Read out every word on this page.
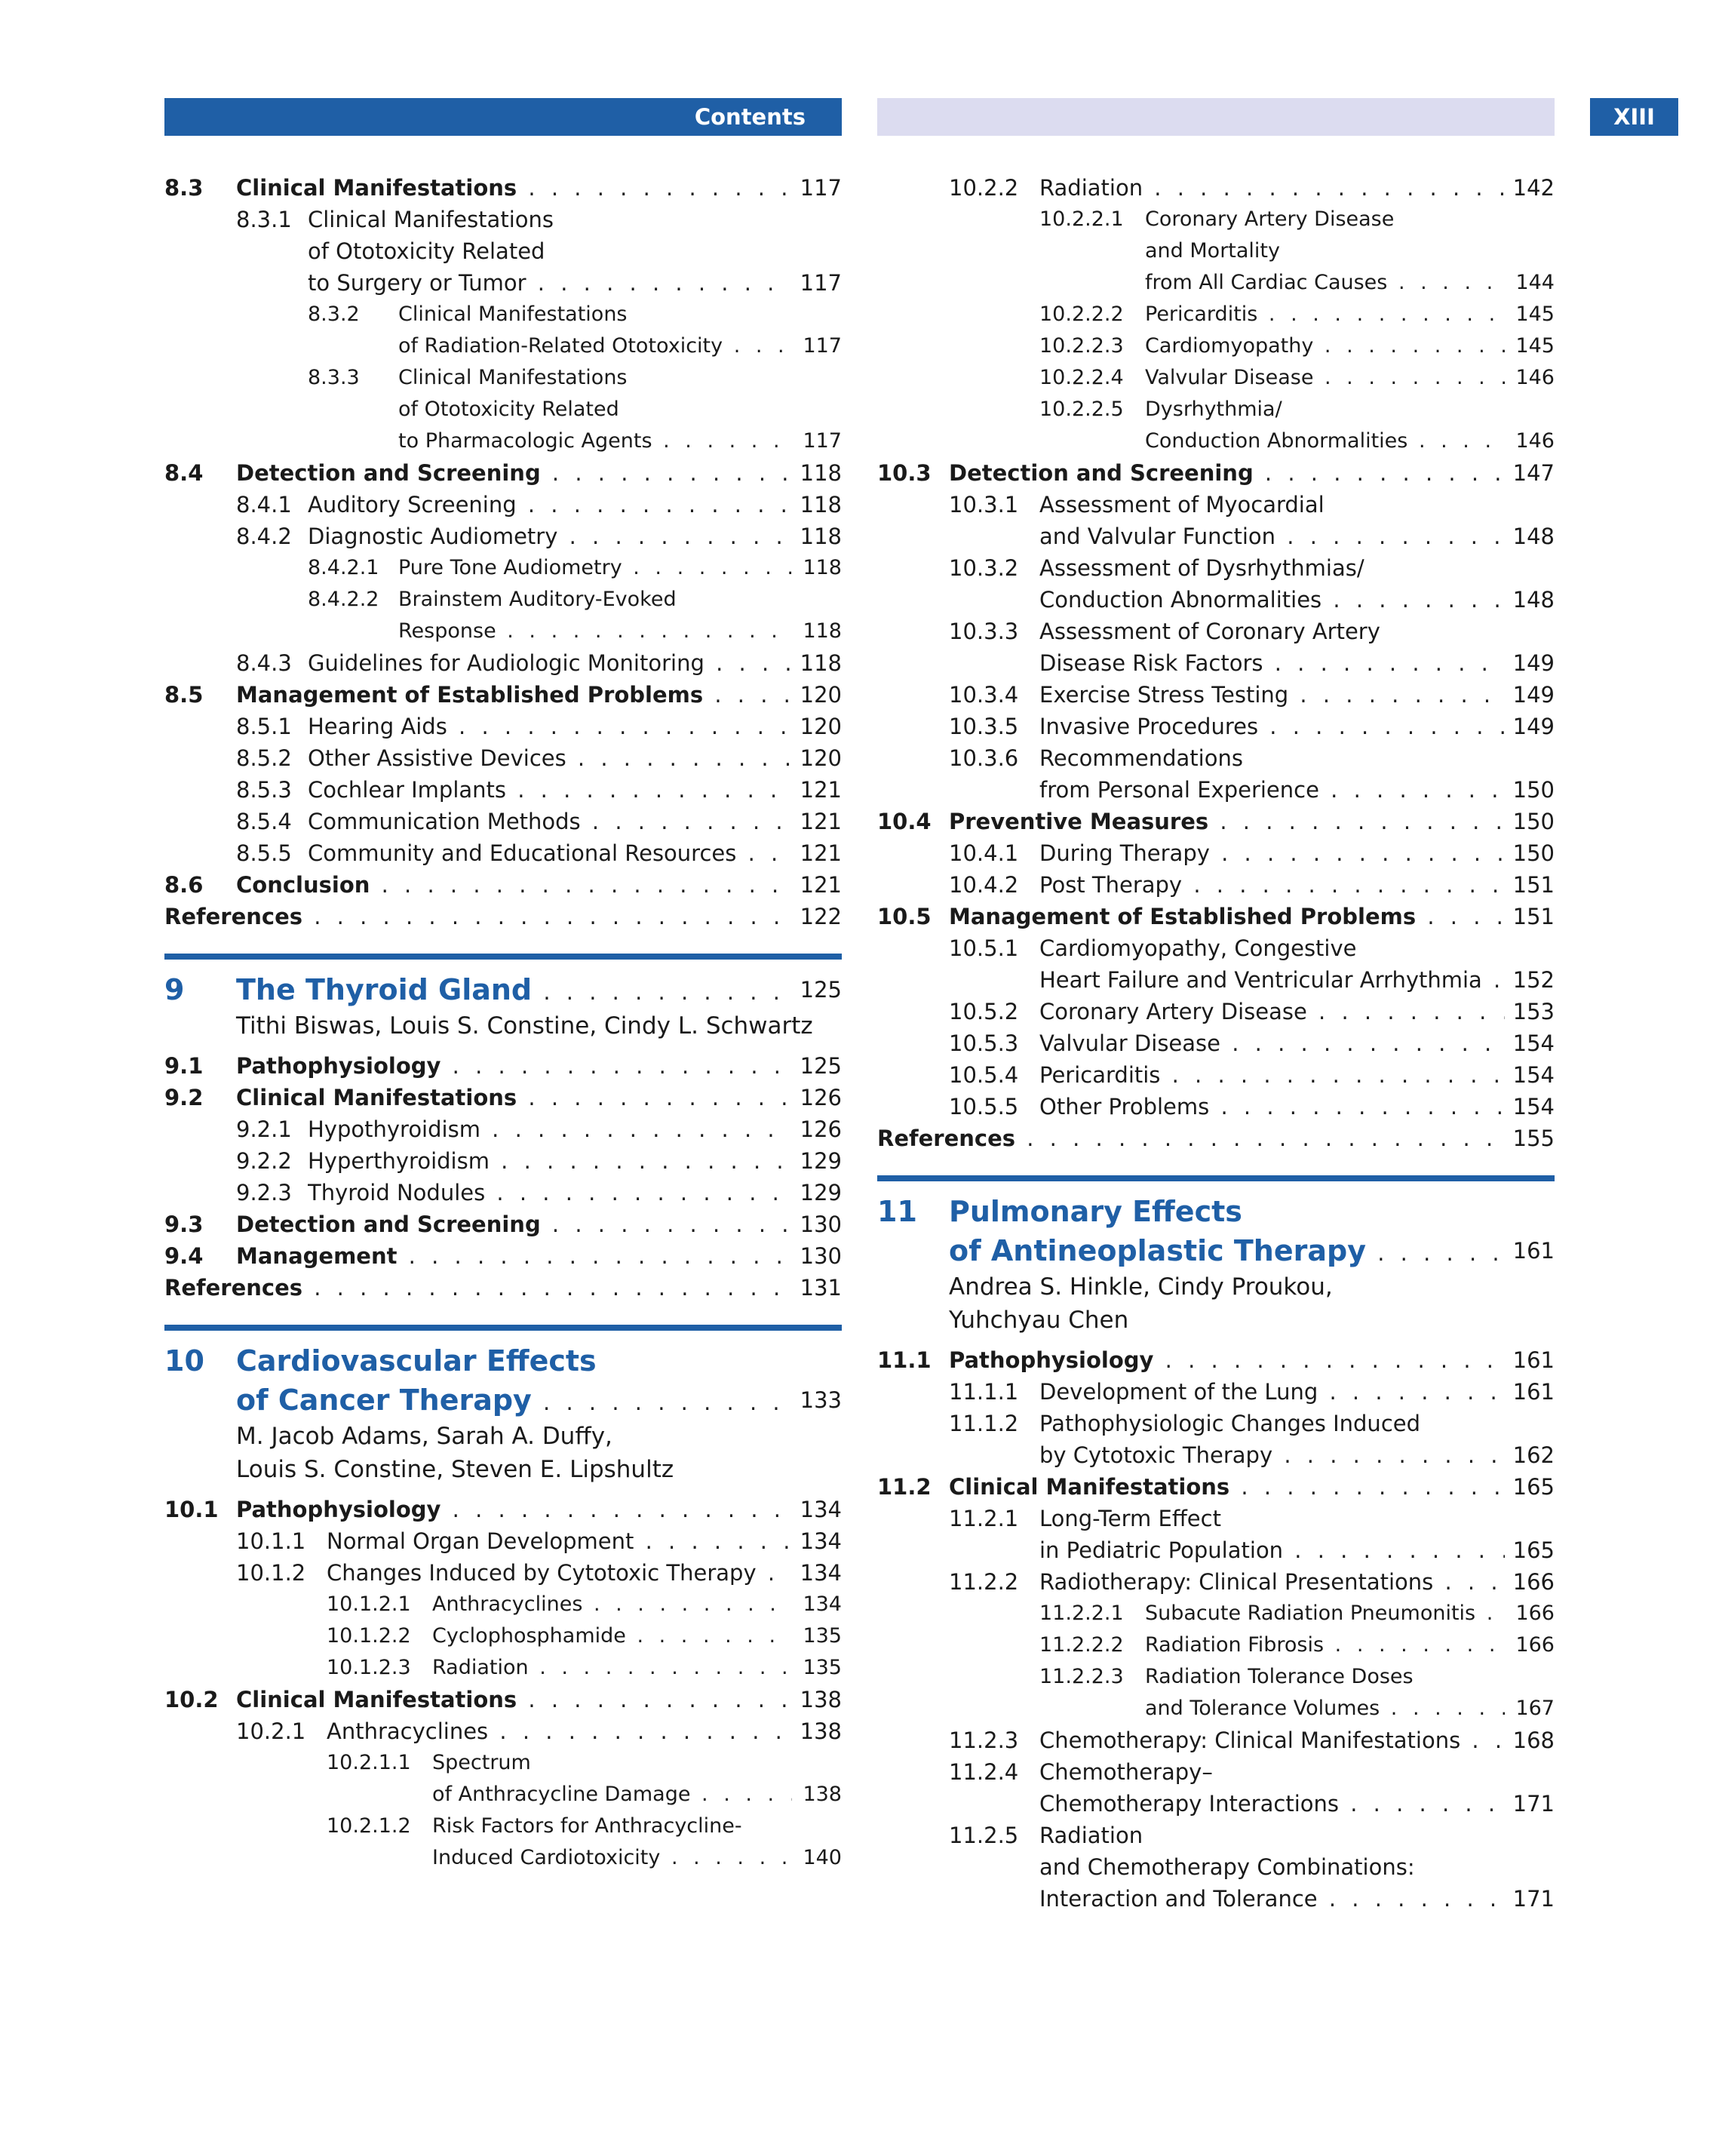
Contents	XIII
8.3 Clinical Manifestations . . .	117
8.3.1 Clinical Manifestations
of Ototoxicity Related
to Surgery or Tumor . . .	117
8.3.2 Clinical Manifestations
of Radiation-Related Ototoxicity . . .	117
8.3.3 Clinical Manifestations
of Ototoxicity Related
to Pharmacologic Agents . . .	117
8.4 Detection and Screening . . .	118
8.4.1 Auditory Screening . . .	118
8.4.2 Diagnostic Audiometry . . .	118
8.4.2.1 Pure Tone Audiometry . . .	118
8.4.2.2 Brainstem Auditory-Evoked
Response . . .	118
8.4.3 Guidelines for Audiologic Monitoring . . .	118
8.5 Management of Established Problems . . .	120
8.5.1 Hearing Aids . . .	120
8.5.2 Other Assistive Devices . . .	120
8.5.3 Cochlear Implants . . .	121
8.5.4 Communication Methods . . .	121
8.5.5 Community and Educational Resources . . .	121
8.6 Conclusion . . .	121
References . . .	122
9 The Thyroid Gland . . .	125
Tithi Biswas, Louis S. Constine, Cindy L. Schwartz
9.1 Pathophysiology . . .	125
9.2 Clinical Manifestations . . .	126
9.2.1 Hypothyroidism . . .	126
9.2.2 Hyperthyroidism . . .	129
9.2.3 Thyroid Nodules . . .	129
9.3 Detection and Screening . . .	130
9.4 Management . . .	130
References . . .	131
10 Cardiovascular Effects
of Cancer Therapy . . .	133
M. Jacob Adams, Sarah A. Duffy,
Louis S. Constine, Steven E. Lipshultz
10.1 Pathophysiology . . .	134
10.1.1 Normal Organ Development . . .	134
10.1.2 Changes Induced by Cytotoxic Therapy . . .	134
10.1.2.1 Anthracyclines . . .	134
10.1.2.2 Cyclophosphamide . . .	135
10.1.2.3 Radiation . . .	135
10.2 Clinical Manifestations . . .	138
10.2.1 Anthracyclines . . .	138
10.2.1.1 Spectrum
of Anthracycline Damage . . .	138
10.2.1.2 Risk Factors for Anthracycline-
Induced Cardiotoxicity . . .	140
10.2.2 Radiation . . .	142
10.2.2.1 Coronary Artery Disease
and Mortality
from All Cardiac Causes . . .	144
10.2.2.2 Pericarditis . . .	145
10.2.2.3 Cardiomyopathy . . .	145
10.2.2.4 Valvular Disease . . .	146
10.2.2.5 Dysrhythmia/
Conduction Abnormalities . . .	146
10.3 Detection and Screening . . .	147
10.3.1 Assessment of Myocardial
and Valvular Function . . .	148
10.3.2 Assessment of Dysrhythmias/
Conduction Abnormalities . . .	148
10.3.3 Assessment of Coronary Artery
Disease Risk Factors . . .	149
10.3.4 Exercise Stress Testing . . .	149
10.3.5 Invasive Procedures . . .	149
10.3.6 Recommendations
from Personal Experience . . .	150
10.4 Preventive Measures . . .	150
10.4.1 During Therapy . . .	150
10.4.2 Post Therapy . . .	151
10.5 Management of Established Problems . . .	151
10.5.1 Cardiomyopathy, Congestive
Heart Failure and Ventricular Arrhythmia . . .	152
10.5.2 Coronary Artery Disease . . .	153
10.5.3 Valvular Disease . . .	154
10.5.4 Pericarditis . . .	154
10.5.5 Other Problems . . .	154
References . . .	155
11 Pulmonary Effects
of Antineoplastic Therapy . . .	161
Andrea S. Hinkle, Cindy Proukou,
Yuhchyau Chen
11.1 Pathophysiology . . .	161
11.1.1 Development of the Lung . . .	161
11.1.2 Pathophysiologic Changes Induced
by Cytotoxic Therapy . . .	162
11.2 Clinical Manifestations . . .	165
11.2.1 Long-Term Effect
in Pediatric Population . . .	165
11.2.2 Radiotherapy: Clinical Presentations . . .	166
11.2.2.1 Subacute Radiation Pneumonitis . . .	166
11.2.2.2 Radiation Fibrosis . . .	166
11.2.2.3 Radiation Tolerance Doses
and Tolerance Volumes . . .	167
11.2.3 Chemotherapy: Clinical Manifestations . . .	168
11.2.4 Chemotherapy–
Chemotherapy Interactions . . .	171
11.2.5 Radiation
and Chemotherapy Combinations:
Interaction and Tolerance . . .	171
